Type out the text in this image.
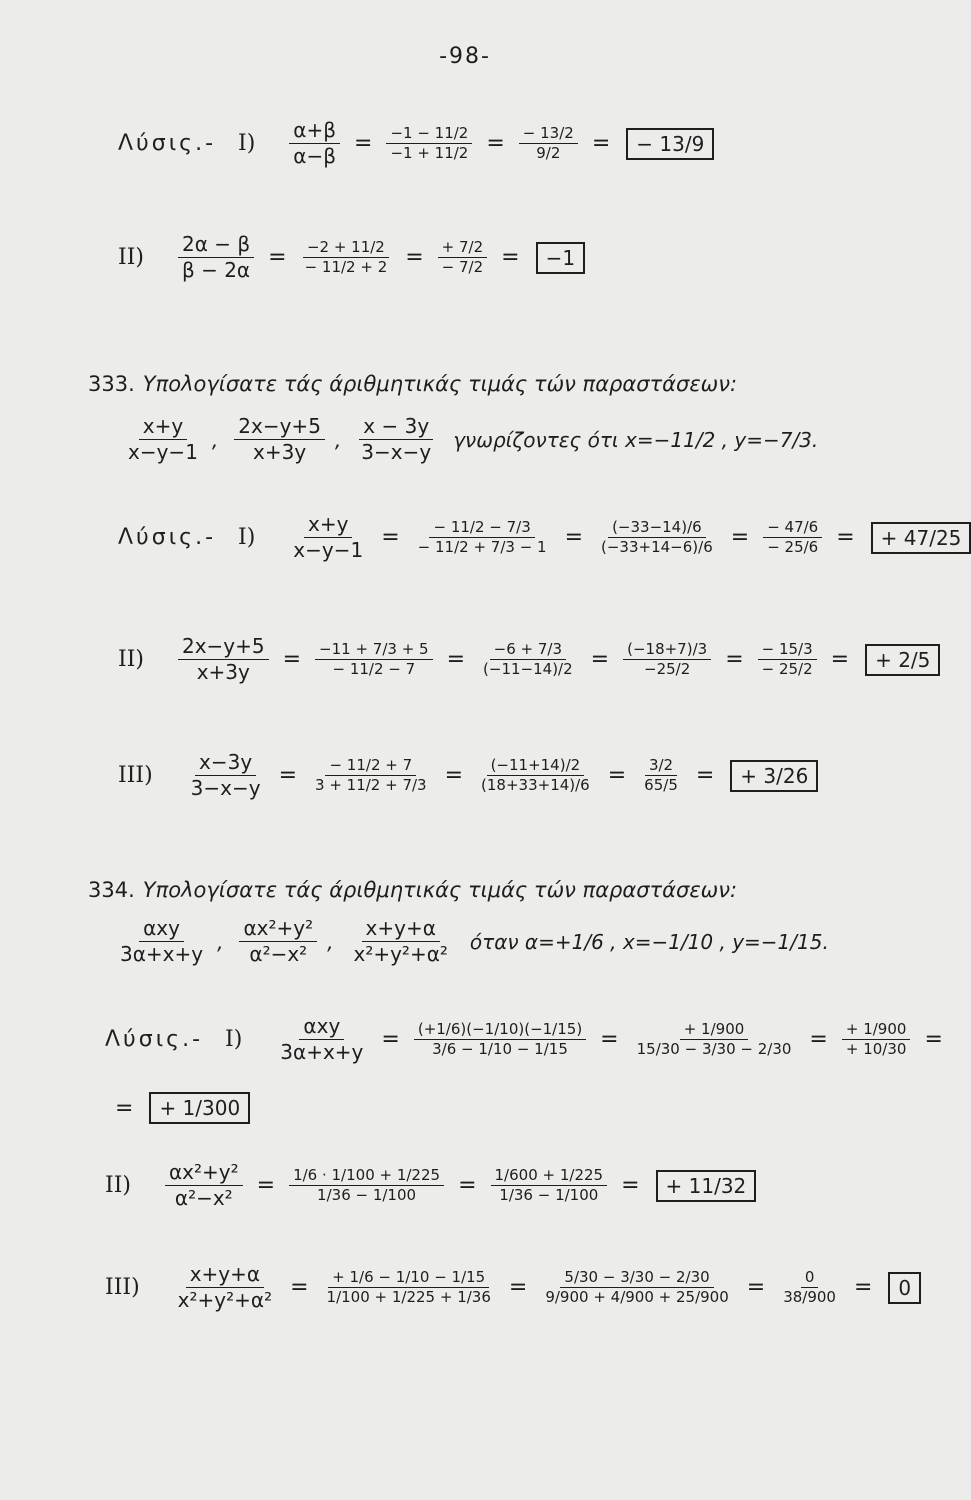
-98-
Λύσις.- $I) \frac{\alpha+\beta}{\alpha-\beta} = \frac{-1 - 11/2}{-1 + 11/2} = \frac{- 13/2}{9/2}$ =	− 13/9
$II) \frac{2\alpha - \beta}{\beta - 2\alpha} = \frac{-2 + 11/2}{- 11/2 + 2} = \frac{+ 7/2}{- 7/2}$ =	−1
333. Υπολογίσατε τάς άριθμητικάς τιμάς τών παραστάσεων:
$\frac{x+y}{x-y-1}$ , $\frac{2x-y+5}{x+3y}$ , $\frac{x - 3y}{3-x-y}$ γνωρίζοντες ότι x=−11/2 , y=−7/3.
Λύσις.- $I) \frac{x+y}{x-y-1} = \frac{- 11/2 - 7/3}{- 11/2 + 7/3 - 1} = \frac{(-33-14)/6}{(-33+14-6)/6} = \frac{- 47/6}{- 25/6}$ =	+ 47/25
$II) \frac{2x-y+5}{x+3y} = \frac{-11 + 7/3 + 5}{- 11/2 - 7} = \frac{-6 + 7/3}{(-11-14)/2} = \frac{(-18+7)/3}{-25/2} = \frac{- 15/3}{- 25/2}$ =	+ 2/5
$III) \frac{x-3y}{3-x-y} = \frac{- 11/2 + 7}{3 + 11/2 + 7/3} = \frac{(-11+14)/2}{(18+33+14)/6} = \frac{3/2}{65/5}$ =	+ 3/26
334. Υπολογίσατε τάς άριθμητικάς τιμάς τών παραστάσεων:
$\frac{\text{αxy}}{3\alpha+x+y}$ , $\frac{\text{αx²+y²}}{\text{α²−x²}}$ , $\frac{x+y+\alpha}{\text{x²+y²+α²}}$ όταν α=+1/6 , x=−1/10 , y=−1/15.
Λύσις.- $I) \frac{\text{αxy}}{3\alpha+x+y} = \frac{(+1/6)(-1/10)(-1/15)}{3/6 - 1/10 - 1/15} = \frac{+ 1/900}{15/30 - 3/30 - 2/30} = \frac{+ 1/900}{+ 10/30}$ =
=	+ 1/300
$II) \frac{\text{αx²+y²}}{\text{α²−x²}} = \frac{1/6 \cdot 1/100 + 1/225}{1/36 - 1/100} = \frac{1/600 + 1/225}{1/36 - 1/100}$ =	+ 11/32
$III) \frac{x+y+\alpha}{\text{x²+y²+α²}} = \frac{+ 1/6 - 1/10 - 1/15}{1/100 + 1/225 + 1/36} = \frac{5/30 - 3/30 - 2/30}{9/900 + 4/900 + 25/900} = \frac{0}{38/900}$ =	0
